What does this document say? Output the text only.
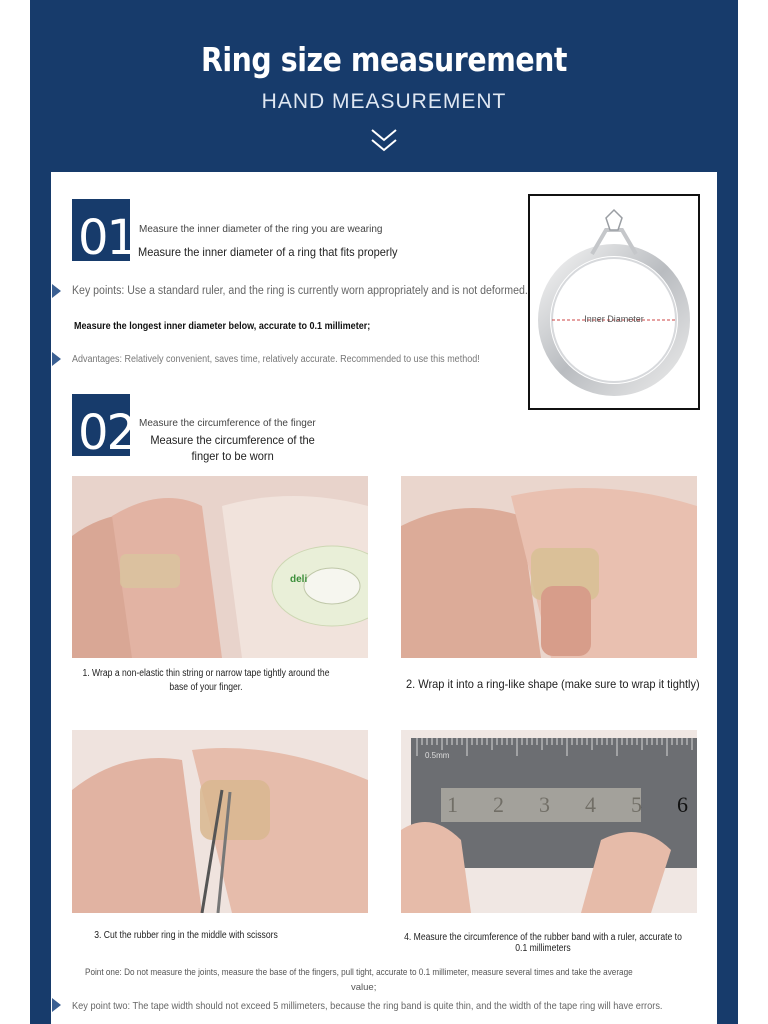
Ring size measurement
HAND MEASUREMENT
01 Measure the inner diameter of the ring you are wearing
Measure the inner diameter of a ring that fits properly
Key points: Use a standard ruler, and the ring is currently worn appropriately and is not deformed.
Measure the longest inner diameter below, accurate to 0.1 millimeter;
Advantages: Relatively convenient, saves time, relatively accurate. Recommended to use this method!
Inner Diameter
02 Measure the circumference of the finger
Measure the circumference of the finger to be worn
deli
1. Wrap a non-elastic thin string or narrow tape tightly around the base of your finger.	2. Wrap it into a ring-like shape (make sure to wrap it tightly)
3. Cut the rubber ring in the middle with scissors
0.5mm
1 2 3 4 5 6
4. Measure the circumference of the rubber band with a ruler, accurate to 0.1 millimeters
Point one: Do not measure the joints, measure the base of the fingers, pull tight, accurate to 0.1 millimeter, measure several times and take the average
value;
Key point two: The tape width should not exceed 5 millimeters, because the ring band is quite thin, and the width of the tape ring will have errors.
